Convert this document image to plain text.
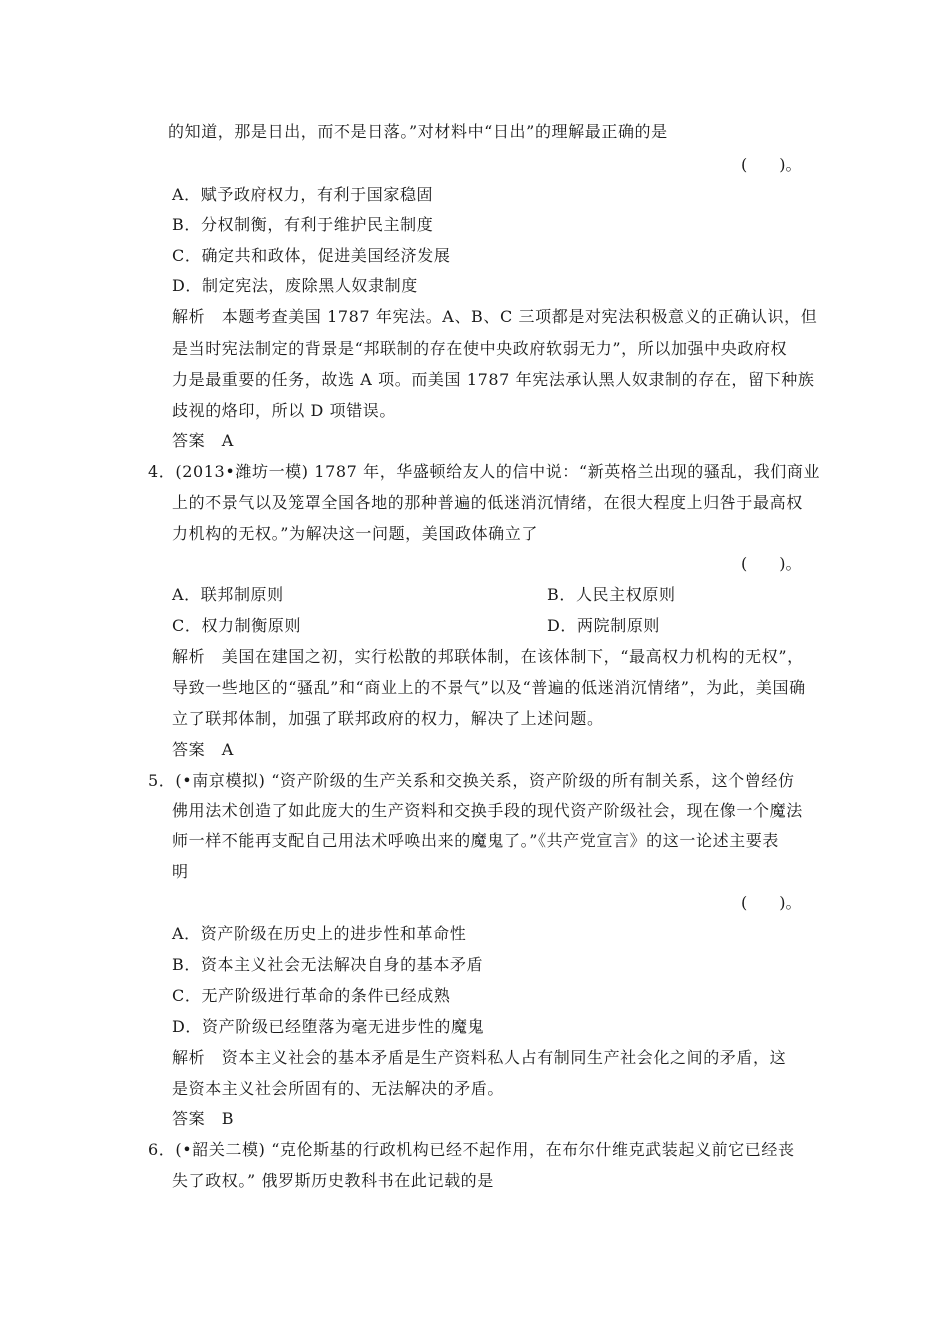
的知道，那是日出，而不是日落。”对材料中“日出”的理解最正确的是
(　　)。
A．赋予政府权力，有利于国家稳固
B．分权制衡，有利于维护民主制度
C．确定共和政体，促进美国经济发展
D．制定宪法，废除黑人奴隶制度
解析　本题考查美国 1787 年宪法。A、B、C 三项都是对宪法积极意义的正确认识，但
是当时宪法制定的背景是“邦联制的存在使中央政府软弱无力”，所以加强中央政府权
力是最重要的任务，故选 A 项。而美国 1787 年宪法承认黑人奴隶制的存在，留下种族
歧视的烙印，所以 D 项错误。
答案　A
4．(2013•潍坊一模) 1787 年，华盛顿给友人的信中说：“新英格兰出现的骚乱，我们商业
上的不景气以及笼罩全国各地的那种普遍的低迷消沉情绪，在很大程度上归咎于最高权
力机构的无权。”为解决这一问题，美国政体确立了
(　　)。
A．联邦制原则	B．人民主权原则
C．权力制衡原则	D．两院制原则
解析　美国在建国之初，实行松散的邦联体制，在该体制下，“最高权力机构的无权”，
导致一些地区的“骚乱”和“商业上的不景气”以及“普遍的低迷消沉情绪”，为此，美国确
立了联邦体制，加强了联邦政府的权力，解决了上述问题。
答案　A
5．(•南京模拟) “资产阶级的生产关系和交换关系，资产阶级的所有制关系，这个曾经仿
佛用法术创造了如此庞大的生产资料和交换手段的现代资产阶级社会，现在像一个魔法
师一样不能再支配自己用法术呼唤出来的魔鬼了。”《共产党宣言》的这一论述主要表
明
(　　)。
A．资产阶级在历史上的进步性和革命性
B．资本主义社会无法解决自身的基本矛盾
C．无产阶级进行革命的条件已经成熟
D．资产阶级已经堕落为毫无进步性的魔鬼
解析　资本主义社会的基本矛盾是生产资料私人占有制同生产社会化之间的矛盾，这
是资本主义社会所固有的、无法解决的矛盾。
答案　B
6．(•韶关二模) “克伦斯基的行政机构已经不起作用，在布尔什维克武装起义前它已经丧
失了政权。” 俄罗斯历史教科书在此记载的是
